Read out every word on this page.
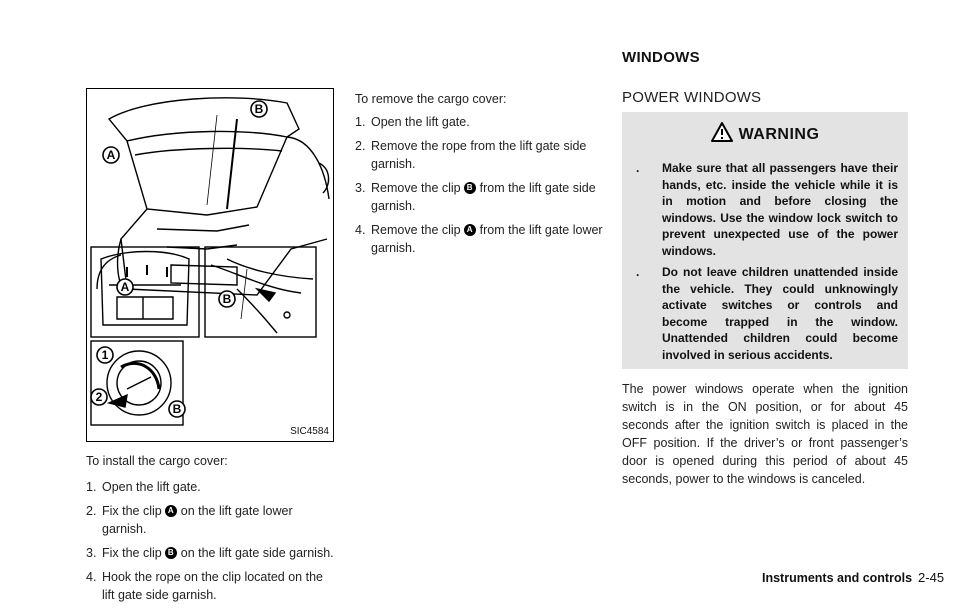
A
B
A
B
1
2
B
SIC4584

To install the cargo cover:

1. Open the lift gate.

2. Fix the clip A on the lift gate lower garnish.

3. Fix the clip B on the lift gate side garnish.

4. Hook the rope on the clip located on the lift gate side garnish.

To remove the cargo cover:

1. Open the lift gate.

2. Remove the rope from the lift gate side garnish.

3. Remove the clip B from the lift gate side garnish.

4. Remove the clip A from the lift gate lower garnish.

WINDOWS
POWER WINDOWS
WARNING
. Make sure that all passengers have their hands, etc. inside the vehicle while it is in motion and before closing the windows. Use the window lock switch to prevent unexpected use of the power windows.
. Do not leave children unattended inside the vehicle. They could unknowingly activate switches or controls and become trapped in the window. Unattended children could become involved in serious accidents.

The power windows operate when the ignition switch is in the ON position, or for about 45 seconds after the ignition switch is placed in the OFF position. If the driver’s or front passenger’s door is opened during this period of about 45 seconds, power to the windows is canceled.

Instruments and controls 2-45
